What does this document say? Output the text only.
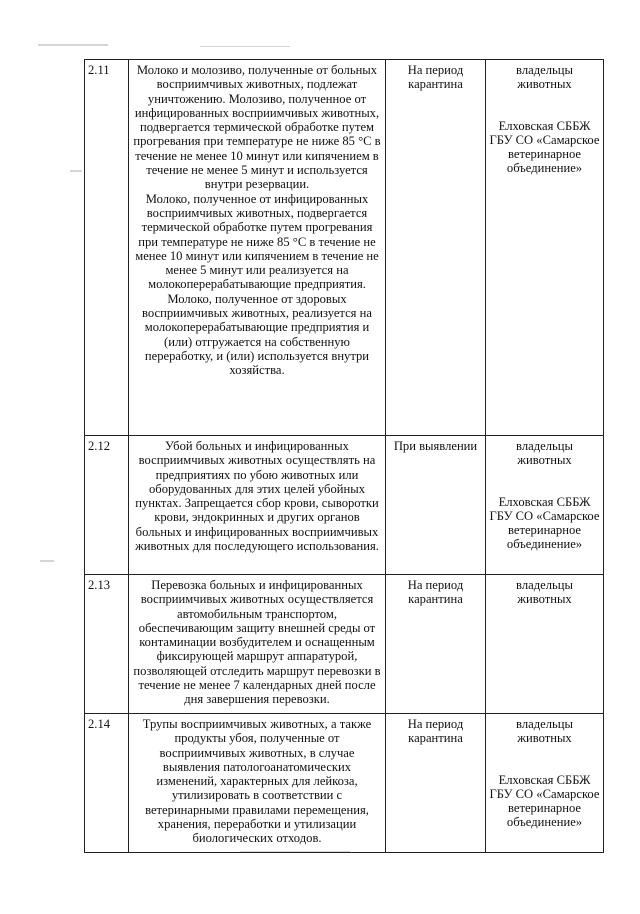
2.11	Молоко и молозиво, полученные от больных восприимчивых животных, подлежат уничтожению. Молозиво, полученное от инфицированных восприимчивых животных, подвергается термической обработке путем прогревания при температуре не ниже 85 °С в течение не менее 10 минут или кипячением в течение не менее 5 минут и используется внутри резервации.
Молоко, полученное от инфицированных восприимчивых животных, подвергается термической обработке путем прогревания при температуре не ниже 85 °С в течение не менее 10 минут или кипячением в течение не менее 5 минут или реализуется на молокоперерабатывающие предприятия.
Молоко, полученное от здоровых восприимчивых животных, реализуется на молокоперерабатывающие предприятия и (или) отгружается на собственную переработку, и (или) используется внутри хозяйства.	На период карантина	владельцы животных
Елховская СББЖ ГБУ СО «Самарское ветеринарное объединение»

2.12	Убой больных и инфицированных восприимчивых животных осуществлять на предприятиях по убою животных или оборудованных для этих целей убойных пунктах. Запрещается сбор крови, сыворотки крови, эндокринных и других органов больных и инфицированных восприимчивых животных для последующего использования.	При выявлении	владельцы животных
Елховская СББЖ ГБУ СО «Самарское ветеринарное объединение»

2.13	Перевозка больных и инфицированных восприимчивых животных осуществляется автомобильным транспортом, обеспечивающим защиту внешней среды от контаминации возбудителем и оснащенным фиксирующей маршрут аппаратурой, позволяющей отследить маршрут перевозки в течение не менее 7 календарных дней после дня завершения перевозки.	На период карантина	владельцы животных

2.14	Трупы восприимчивых животных, а также продукты убоя, полученные от восприимчивых животных, в случае выявления патологоанатомических изменений, характерных для лейкоза, утилизировать в соответствии с ветеринарными правилами перемещения, хранения, переработки и утилизации биологических отходов.	На период карантина	владельцы животных
Елховская СББЖ ГБУ СО «Самарское ветеринарное объединение»
